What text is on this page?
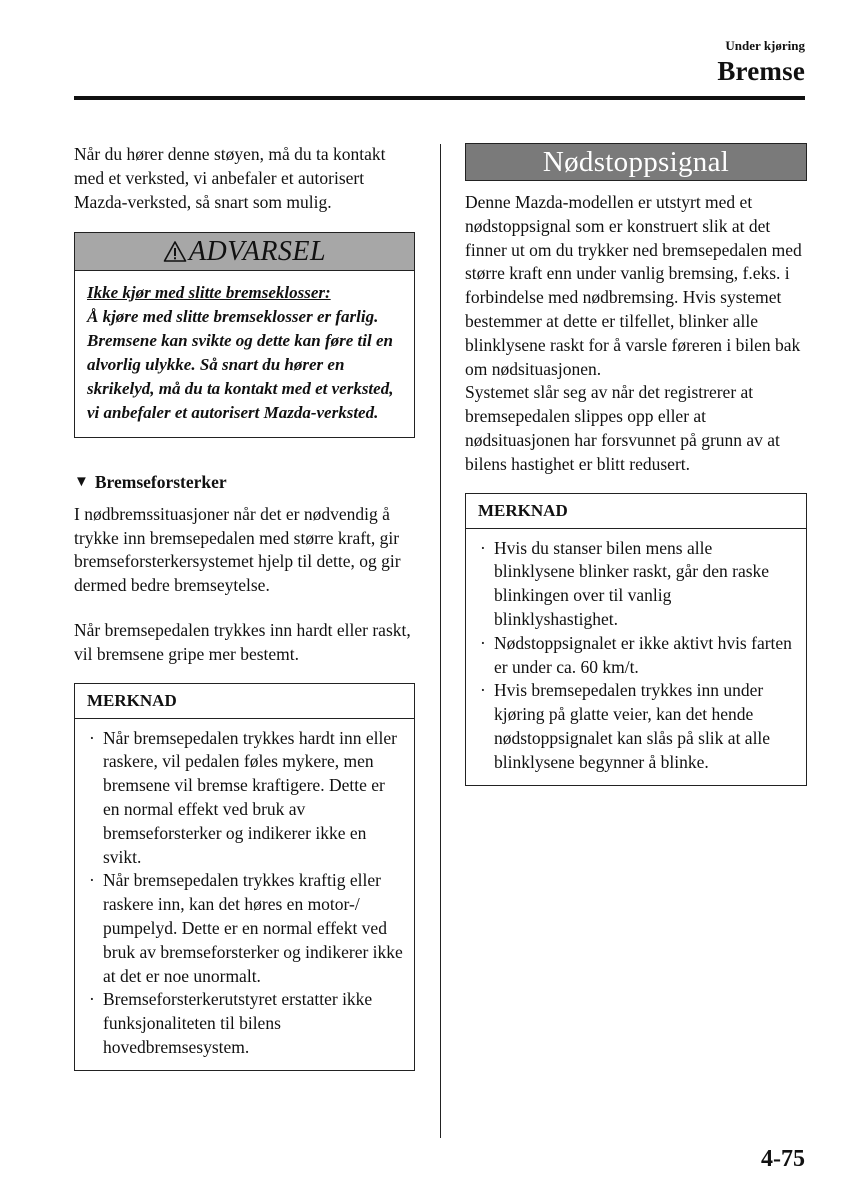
Under kjøring
Bremse

Når du hører denne støyen, må du ta kontakt med et verksted, vi anbefaler et autorisert Mazda-verksted, så snart som mulig.

ADVARSEL
Ikke kjør med slitte bremseklosser:
Å kjøre med slitte bremseklosser er farlig. Bremsene kan svikte og dette kan føre til en alvorlig ulykke. Så snart du hører en skrikelyd, må du ta kontakt med et verksted, vi anbefaler et autorisert Mazda-verksted.
▼ Bremseforsterker

I nødbremssituasjoner når det er nødvendig å trykke inn bremsepedalen med større kraft, gir bremseforsterkersystemet hjelp til dette, og gir dermed bedre bremseytelse.

Når bremsepedalen trykkes inn hardt eller raskt, vil bremsene gripe mer bestemt.

MERKNAD
· Når bremsepedalen trykkes hardt inn eller raskere, vil pedalen føles mykere, men bremsene vil bremse kraftigere. Dette er en normal effekt ved bruk av bremseforsterker og indikerer ikke en svikt.
· Når bremsepedalen trykkes kraftig eller raskere inn, kan det høres en motor-/ pumpelyd. Dette er en normal effekt ved bruk av bremseforsterker og indikerer ikke at det er noe unormalt.
· Bremseforsterkerutstyret erstatter ikke funksjonaliteten til bilens hovedbremsesystem.
Nødstoppsignal

Denne Mazda-modellen er utstyrt med et nødstoppsignal som er konstruert slik at det finner ut om du trykker ned bremsepedalen med større kraft enn under vanlig bremsing, f.eks. i forbindelse med nødbremsing. Hvis systemet bestemmer at dette er tilfellet, blinker alle blinklysene raskt for å varsle føreren i bilen bak om nødsituasjonen.

Systemet slår seg av når det registrerer at bremsepedalen slippes opp eller at nødsituasjonen har forsvunnet på grunn av at bilens hastighet er blitt redusert.

MERKNAD
· Hvis du stanser bilen mens alle blinklysene blinker raskt, går den raske blinkingen over til vanlig blinklyshastighet.
· Nødstoppsignalet er ikke aktivt hvis farten er under ca. 60 km/t.
· Hvis bremsepedalen trykkes inn under kjøring på glatte veier, kan det hende nødstoppsignalet kan slås på slik at alle blinklysene begynner å blinke.
4-75
